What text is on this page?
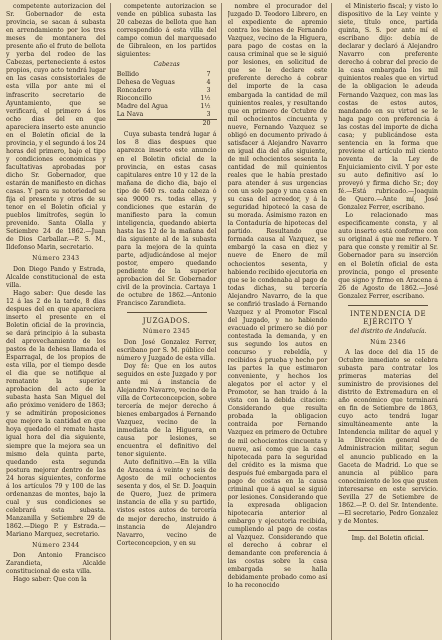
competente autorizacion del Sr. Gobernador de esta provincia, se sacan á subasta en arrendamiento por los tres meses de montanera del presente año el fruto de bellota y yerba del rodeo de las Cabezas, perteneciente á estos propios, cuyo acto tendrá lugar en las casas consistoriales de esta villa por ante mi el infrascrito secretario de Ayuntamiento, que se verificará, el primero á los ocho dias del en que apareciera inserto este anuncio en el Boletín oficial de la provincia, y el segundo á los 24 horas del primero, bajo el tipo y condiciones economicas y facultativas aprobadas por dicho Sr. Gobernador, que estarán de manifiesto en dichas casas. Y para su notoriedad se fija el presente y otros de su tenor en el Boletin oficial y pueblos limítrofes, según lo prevenido. Santa Olalla y Setiembre 24 de 1862.—Juan de Dios Carballar.—P. S. M., Ildefonso Marin, secretario.

Número 2343

Don Diego Pando y Estrada, Alcalde constitucional de esta villa.

Hago saber: Que desde las 12 á las 2 de la tarde, 8 dias despues del en que apareciera inserto el presente en el Boletin oficial de la provincia, se dará principio á la subasta del aprovechamiento de los pastos de la dehesa llamada el Esparragal, de los propios de esta villa, por el tiempo desde el dia que se notifique al rematante la superior aprobacion del acto de la subasta hasta San Miguel del año próximo venidero de 1863; y se admitirán proposiciones que mejore la cantidad en que hoya quedado el remate hasta igual hora del dia siguiente, siempre que la mejora sea un mismo dela quinta parte, quedando esta segunda postura mejorar dentro de las 24 horas siguientes, conforme á los artículos 79 y 100 de las ordenanzas de montes, bajo la cual y sus condiciones se celebrará esta subasta. Manzanilla y Setiembre 29 de 1862.—Diego P. y Estrada.—Mariano Marquez, secretario.

Número 2344

Don Antonio Francisco Zarandieta, Alcalde constitucional de esta villa.

Hago saber: Que con la

competente autorizacion se vende en pública subasta las 20 cabezas de bellota que han correspondido á esta villa del campo comun del marquesado de Gibraleon, en los partidos siguientes:

Cabezas
Bellido	7
Dehesa de Veguas	4
Roncadero	3
Rioconcillo	1½
Madre del Agua	1½
La Nava	3
	20

Cuya subasta tendrá lugar á los 8 dias despues que aparezca inserto este anuncio en el Boletin oficial de la provincia, en estas casas capitulares entre 10 y 12 de la mañana de dicho dia, bajo el tipo de 640 rs. cada cabeza ó sea 9000 rs. todas ellas, y condiciones que estarán de manifiesto para la comun inteligencia, quedando abierta hasta las 12 de la mañana del dia siguiente al de la subasta para la mejora de la quinta parte, adjudicándose al mejor postor, empero quedando pendiente de la superior aprobacion del Sr. Gobernador civil de la provincia. Cartaya 1 de octubre de 1862.—Antonio Francisco Zarandieta.

JUZGADOS.
Número 2345

Don José Gonzalez Ferrer, escribano por S. M. público del número y Juzgado de esta villa.

Doy fé: Que en los autos seguidos en este Juzgado y por ante mi á instancia de Alejandro Navarro, vecino de la villa de Corteconcepcion, sobre tercería de mejor derecho á bienes embargados á Fernando Vazquez, vecino de la inmediata de la Higuera, en causa por lesiones, se encuentra el definitivo del tenor siguiente.

Auto definitivo.—En la villa de Aracena á veinte y seis de Agosto de mil ochocientos sesenta y dos, el Sr. D. Joaquin de Quero, Juez de primera instancia de ella y su partido, vistos estos autos de tercería de mejor derecho, instruido á instancia de Alejandro Navarro, vecino de Corteconcepcion, y en su

nombre el procurador del Juzgado D. Teodoro Librero, en el expediente de apremio contra los bienes de Fernando Vazquez, vecino de la Higuera, para pago de costas en la causa criminal que se le siguió por lesiones, en solicitud de que se le declare este preferente derecho á cobrar del importe de la casa embargada la cantidad de mil quinientos reales, y resultando que en primero de Octubre de mil ochocientos cincuenta y nueve, Fernando Vazquez se obligó en documento privado á satisfacer á Alejandro Navarro en igual dia del año siguiente, de mil ochocientos sesenta la cantidad de mil quinientos reales que le había prestado para atender á sus urgencias con un solo pago y una casa en su casa del acreedor, y á la seguridad hipotecó la casa de su morada. Asimismo razon en la Contaduría de hipotecas del partido. Resultando que formada causa al Vazquez, se embargó la casa en diez y nueve de Enero de mil ochocientos sesenta, y habiendo recibido ejecutoria en que se le condenaba al pago de todas dichas, su tercería Alejandro Navarro, de la que se confirió traslado á Fernando Vazquez y al Promotor Fiscal del Juzgado, y no habiendo evacuado el primero se dió por contestada la demanda, y en sus segundo los autos en concurso y rebeldía, y recibidos á prueba y hecho por las partes la que estimaron conveniente, y hechos los alegatos por el actor y el Promotor, se han traido á la vista con la debida citacion: Considerando que resulta probada la obligacion contraida por Fernando Vazquez en primero de Octubre de mil ochocientos cincuenta y nueve, así como que la casa hipotecada para la seguridad del crédito es la misma que después fué embargada para el pago de costas en la causa criminal que á aquel se siguió por lesiones. Considerando que la expresada obligacion hipotecaria anterior al embargo y ejecutoria recibida, cumpliendo al pago de costas al Vazquez. Considerando que el derecho á cobrar el demandante con preferencia á las costas sobre la casa embargada se halla debidamente probado como así lo ha reconocido

el Ministerio fiscal; y visto lo dispositivo de la Ley veinte y siete, título once, partida quinta, S. S. por ante mí el escribano dijo: debía de declarar y declaró á Alejandro Navarro con preferente derecho á cobrar del precio de la casa embargada los mil quinientos reales que en virtud de la obligacion le adeuda Fernando Vazquez, con mas las costas de estos autos, mandando en su virtud se le haga pago con preferencia á las costas del importe de dicha casa; y publicándose esta sentencia en la forma que previene el artículo mil ciento noventa de la Ley de Enjuiciamiento civil. Y por este su auto definitivo así lo proveyó y firma dicho Sr.; doy fé.—Está rubricado.—Joaquin de Quero.—Ante mí, José Gonzalez Ferrer, escribano.

Lo relacionado mas especificamente consta, y al auto inserto está conforme con su original á que me refiero. Y para que conste y remitir al Sr. Gobernador para su inserción en el Boletín oficial de esta provincia, pongo el presente que signo y firmo en Aracena á 26 de Agosto de 1862.—José Gonzalez Ferrer, escribano.

INTENDENCIA DE EJÉRCITO Y
del distrito de Andalucía.
Núm 2346

A las doce del dia 15 de Octubre inmediato se celebra subasta para contratar los primeras materias del suministro de provisiones del distrito de Extremadura en el año económico que terminará en fin de Setiembre de 1863, cuyo acto tendrá lugar simultáneamente ante la Intendencia militar de aquel y la Dirección general de Administracion militar, segun el anuncio publicado en la Gaceta de Madrid. Lo que se anuncia al público para conocimiento de los que gusten interesarse en este servicio. Sevilla 27 de Setiembre de 1862.—P. O. del Sr. Intendente.—El secretario, Pedro Gonzalez y de Montes.

Imp. del Boletin oficial.
